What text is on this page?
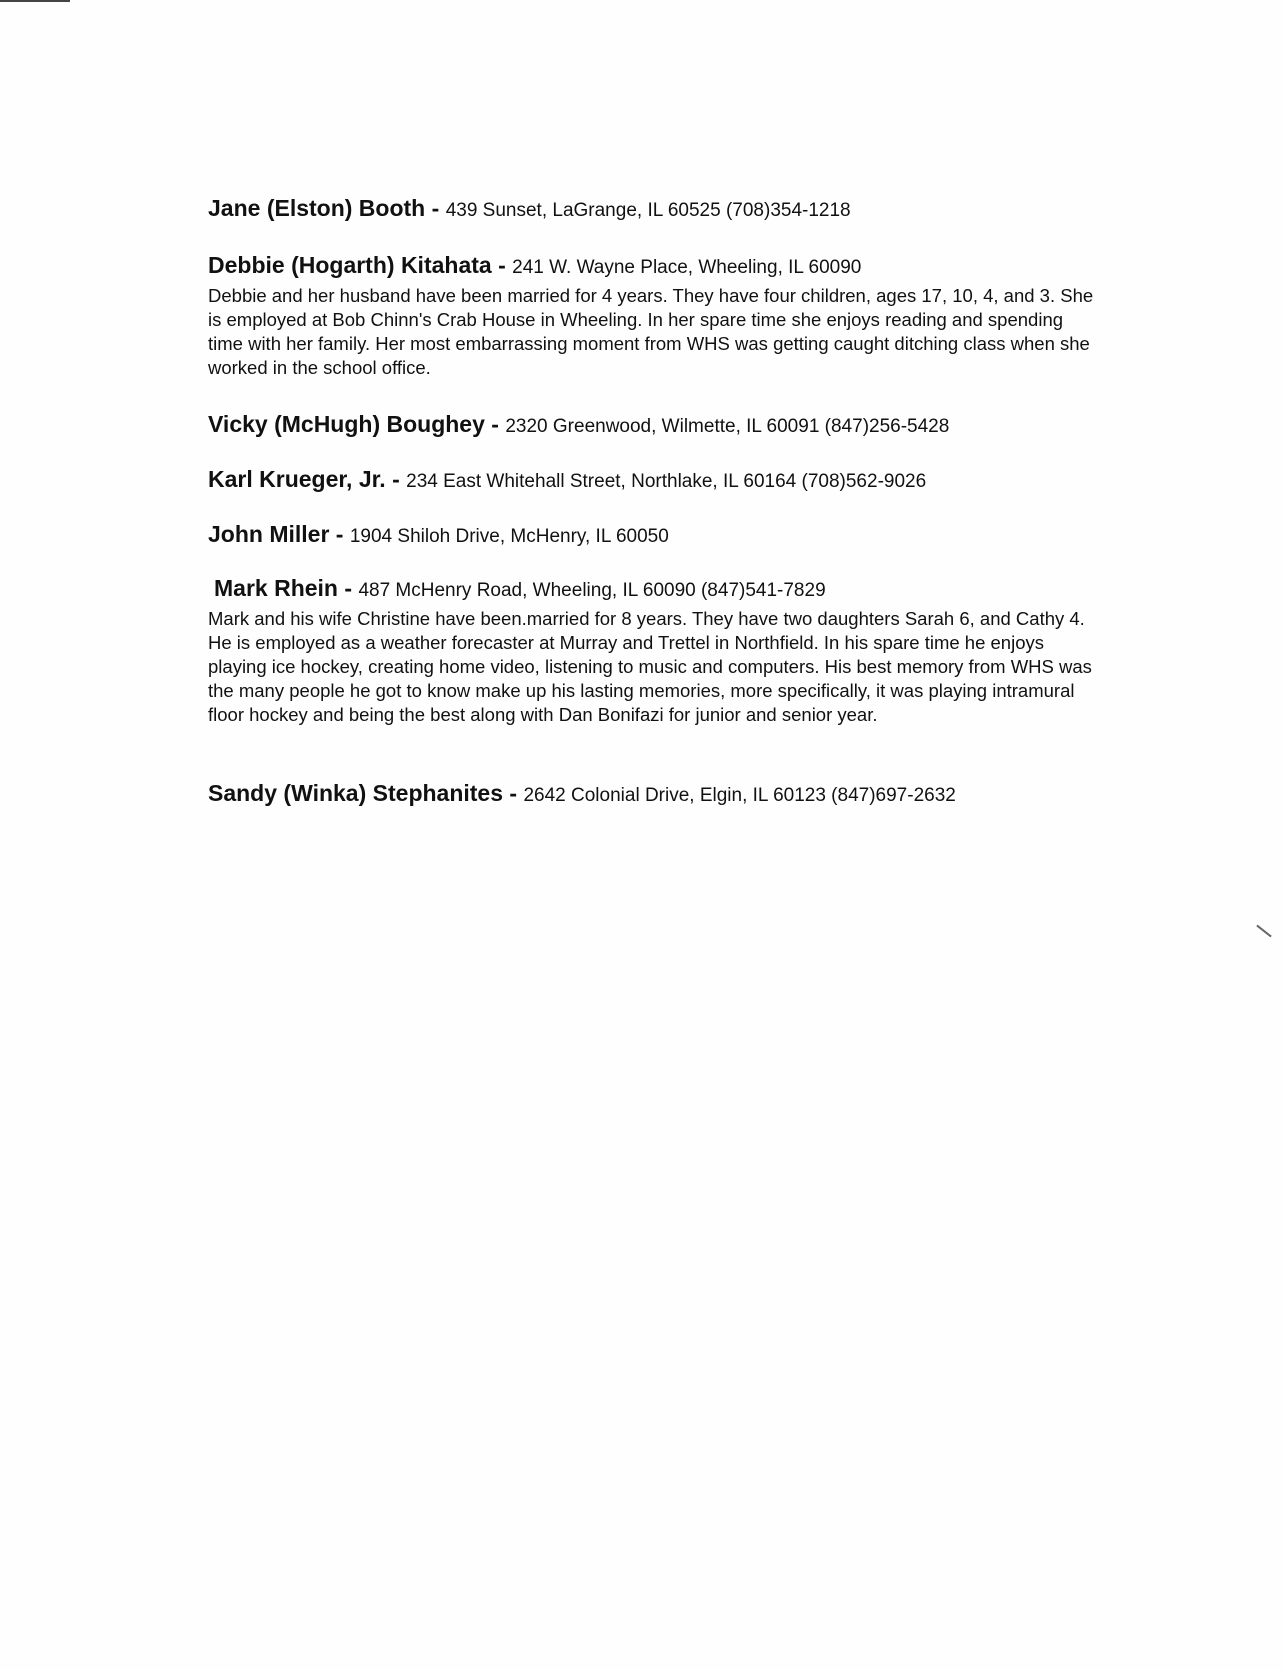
Jane (Elston) Booth - 439 Sunset, LaGrange, IL 60525 (708)354-1218
Debbie (Hogarth) Kitahata - 241 W. Wayne Place, Wheeling, IL 60090

Debbie and her husband have been married for 4 years. They have four children, ages 17, 10, 4, and 3. She is employed at Bob Chinn's Crab House in Wheeling. In her spare time she enjoys reading and spending time with her family. Her most embarrassing moment from WHS was getting caught ditching class when she worked in the school office.

Vicky (McHugh) Boughey - 2320 Greenwood, Wilmette, IL 60091 (847)256-5428
Karl Krueger, Jr. - 234 East Whitehall Street, Northlake, IL 60164 (708)562-9026
John Miller - 1904 Shiloh Drive, McHenry, IL 60050
Mark Rhein - 487 McHenry Road, Wheeling, IL 60090 (847)541-7829

Mark and his wife Christine have been.married for 8 years. They have two daughters Sarah 6, and Cathy 4. He is employed as a weather forecaster at Murray and Trettel in Northfield. In his spare time he enjoys playing ice hockey, creating home video, listening to music and computers. His best memory from WHS was the many people he got to know make up his lasting memories, more specifically, it was playing intramural floor hockey and being the best along with Dan Bonifazi for junior and senior year.

Sandy (Winka) Stephanites - 2642 Colonial Drive, Elgin, IL 60123 (847)697-2632
